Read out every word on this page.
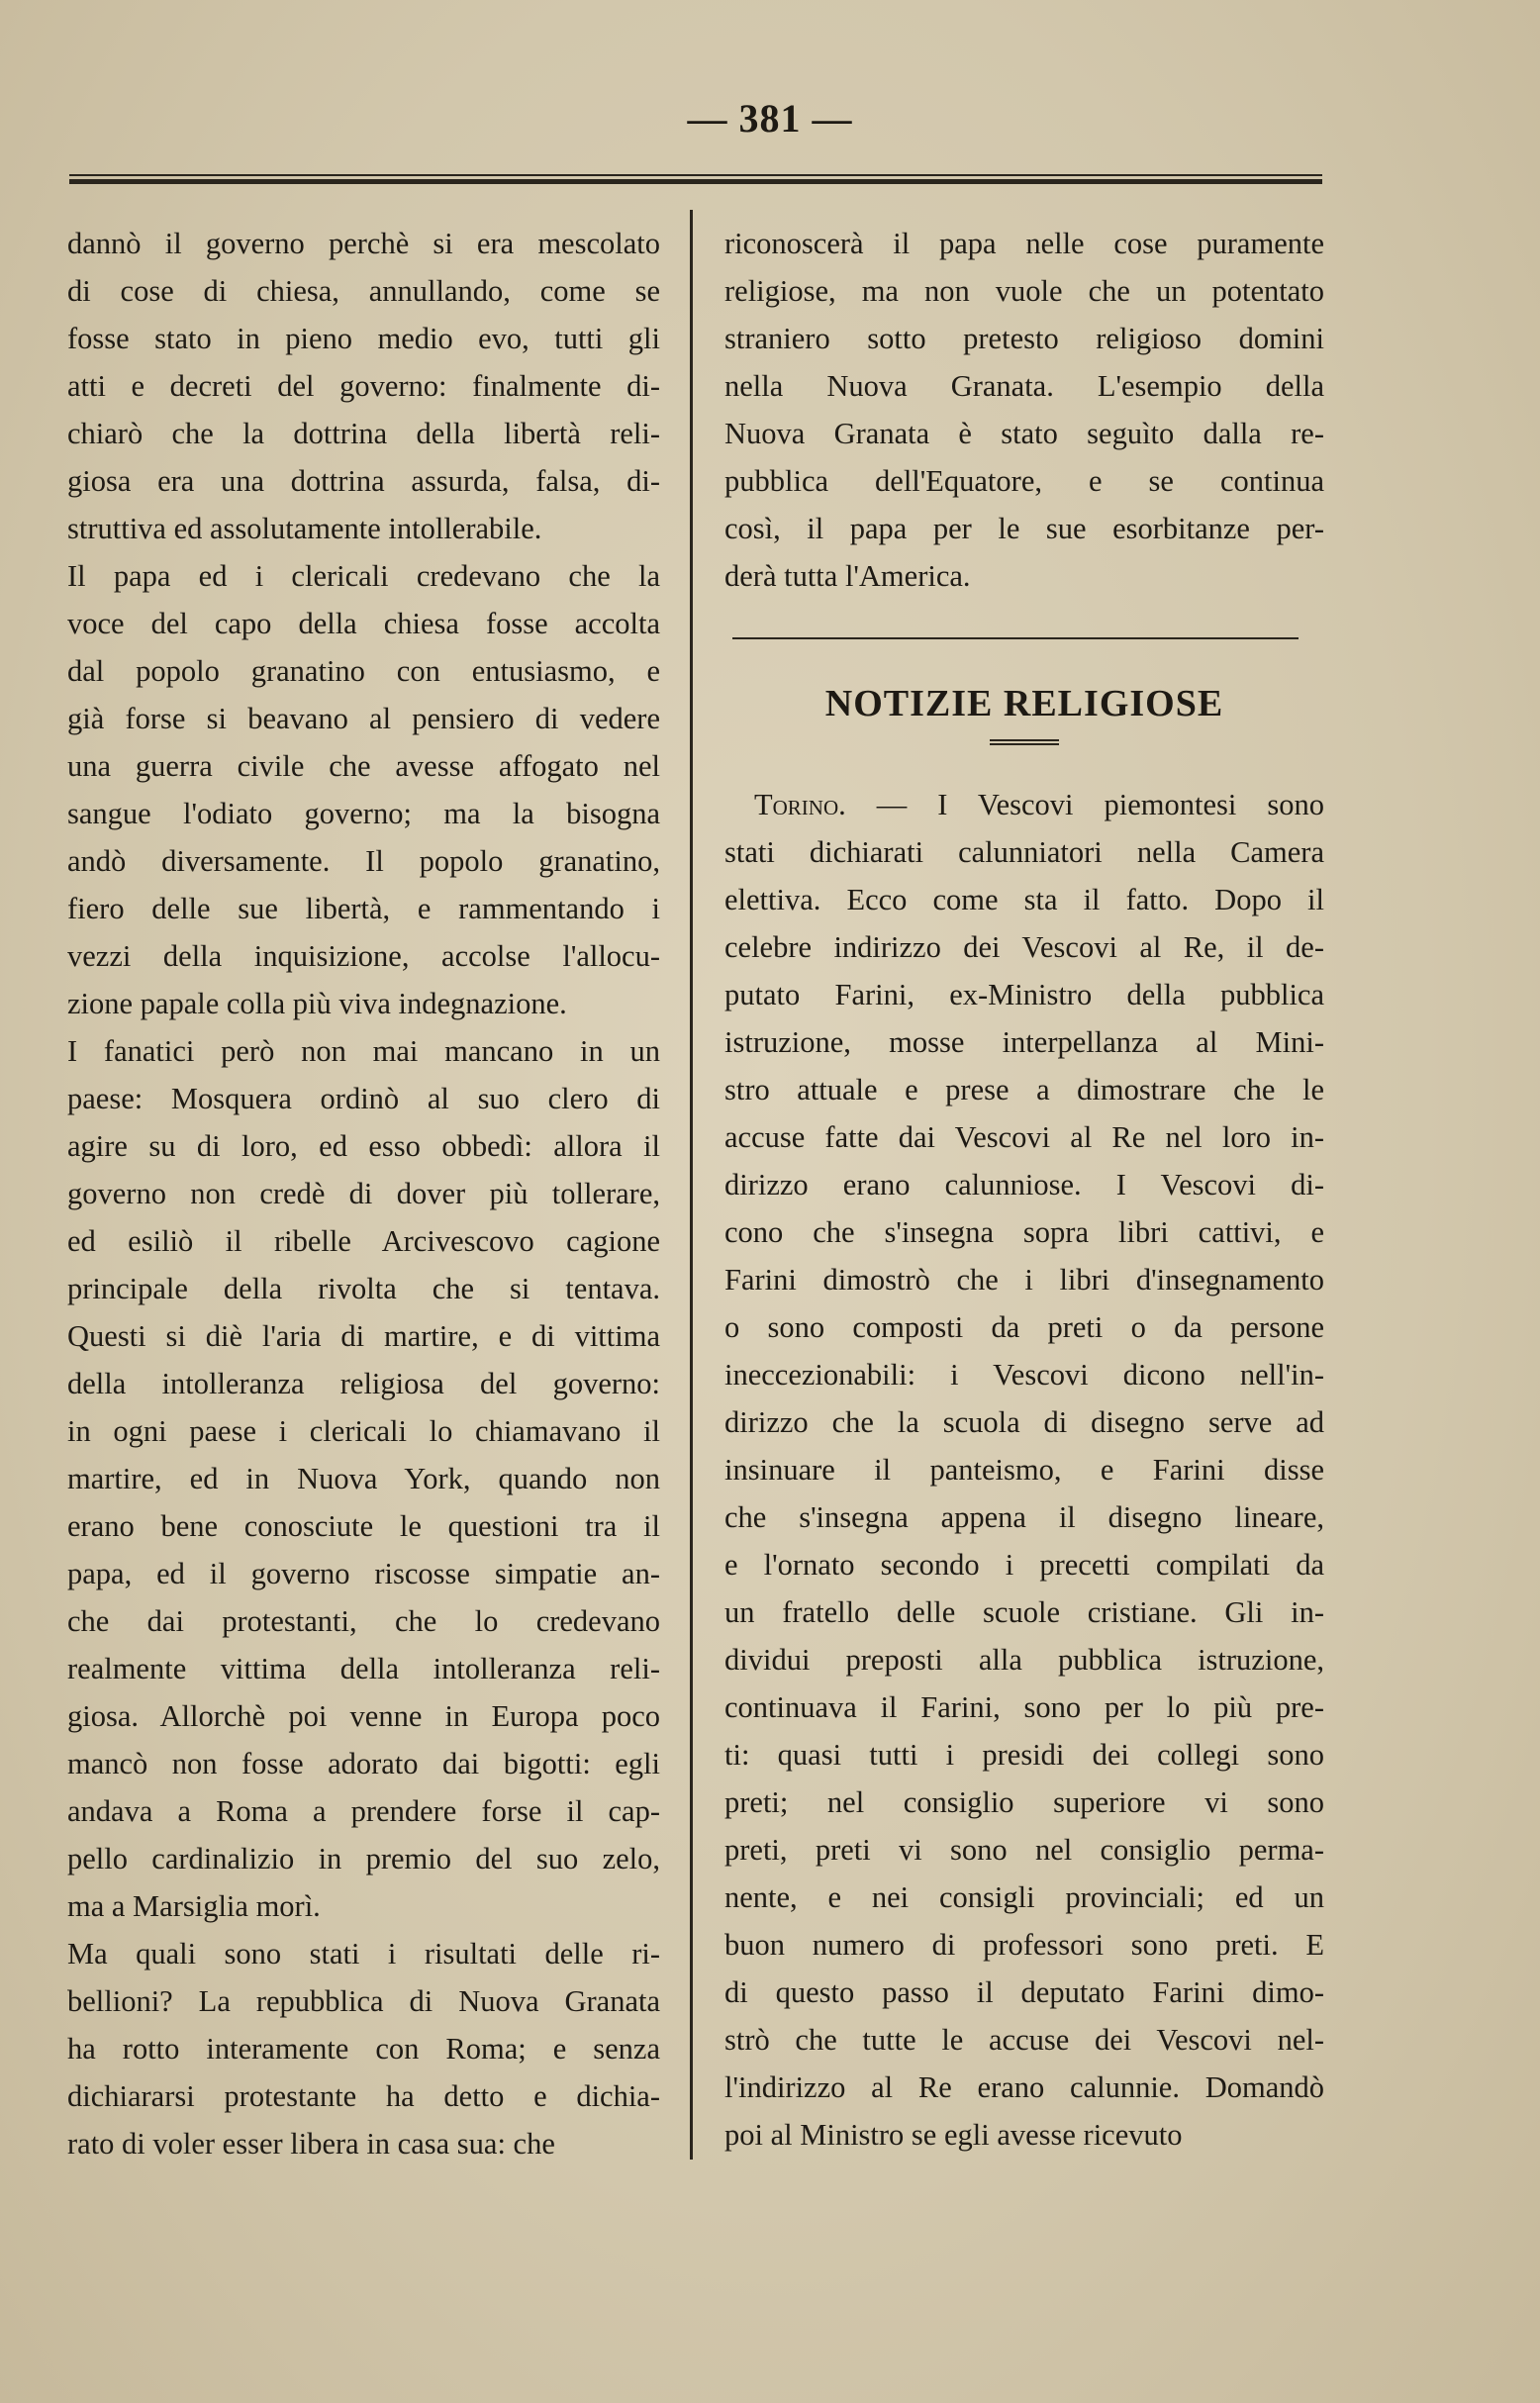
— 381 —
dannò il governo perchè si era mescolato
di cose di chiesa, annullando, come se
fosse stato in pieno medio evo, tutti gli
atti e decreti del governo: finalmente di-
chiarò che la dottrina della libertà reli-
giosa era una dottrina assurda, falsa, di-
struttiva ed assolutamente intollerabile.
Il papa ed i clericali credevano che la
voce del capo della chiesa fosse accolta
dal popolo granatino con entusiasmo, e
già forse si beavano al pensiero di vedere
una guerra civile che avesse affogato nel
sangue l'odiato governo; ma la bisogna
andò diversamente. Il popolo granatino,
fiero delle sue libertà, e rammentando i
vezzi della inquisizione, accolse l'allocu-
zione papale colla più viva indegnazione.
I fanatici però non mai mancano in un
paese: Mosquera ordinò al suo clero di
agire su di loro, ed esso obbedì: allora il
governo non credè di dover più tollerare,
ed esiliò il ribelle Arcivescovo cagione
principale della rivolta che si tentava.
Questi si diè l'aria di martire, e di vittima
della intolleranza religiosa del governo:
in ogni paese i clericali lo chiamavano il
martire, ed in Nuova York, quando non
erano bene conosciute le questioni tra il
papa, ed il governo riscosse simpatie an-
che dai protestanti, che lo credevano
realmente vittima della intolleranza reli-
giosa. Allorchè poi venne in Europa poco
mancò non fosse adorato dai bigotti: egli
andava a Roma a prendere forse il cap-
pello cardinalizio in premio del suo zelo,
ma a Marsiglia morì.
Ma quali sono stati i risultati delle ri-
bellioni? La repubblica di Nuova Granata
ha rotto interamente con Roma; e senza
dichiararsi protestante ha detto e dichia-
rato di voler esser libera in casa sua: che
riconoscerà il papa nelle cose puramente
religiose, ma non vuole che un potentato
straniero sotto pretesto religioso domini
nella Nuova Granata. L'esempio della
Nuova Granata è stato seguìto dalla re-
pubblica dell'Equatore, e se continua
così, il papa per le sue esorbitanze per-
derà tutta l'America.
NOTIZIE RELIGIOSE
Torino. — I Vescovi piemontesi sono
stati dichiarati calunniatori nella Camera
elettiva. Ecco come sta il fatto. Dopo il
celebre indirizzo dei Vescovi al Re, il de-
putato Farini, ex-Ministro della pubblica
istruzione, mosse interpellanza al Mini-
stro attuale e prese a dimostrare che le
accuse fatte dai Vescovi al Re nel loro in-
dirizzo erano calunniose. I Vescovi di-
cono che s'insegna sopra libri cattivi, e
Farini dimostrò che i libri d'insegnamento
o sono composti da preti o da persone
ineccezionabili: i Vescovi dicono nell'in-
dirizzo che la scuola di disegno serve ad
insinuare il panteismo, e Farini disse
che s'insegna appena il disegno lineare,
e l'ornato secondo i precetti compilati da
un fratello delle scuole cristiane. Gli in-
dividui preposti alla pubblica istruzione,
continuava il Farini, sono per lo più pre-
ti: quasi tutti i presidi dei collegi sono
preti; nel consiglio superiore vi sono
preti, preti vi sono nel consiglio perma-
nente, e nei consigli provinciali; ed un
buon numero di professori sono preti. E
di questo passo il deputato Farini dimo-
strò che tutte le accuse dei Vescovi nel-
l'indirizzo al Re erano calunnie. Domandò
poi al Ministro se egli avesse ricevuto
